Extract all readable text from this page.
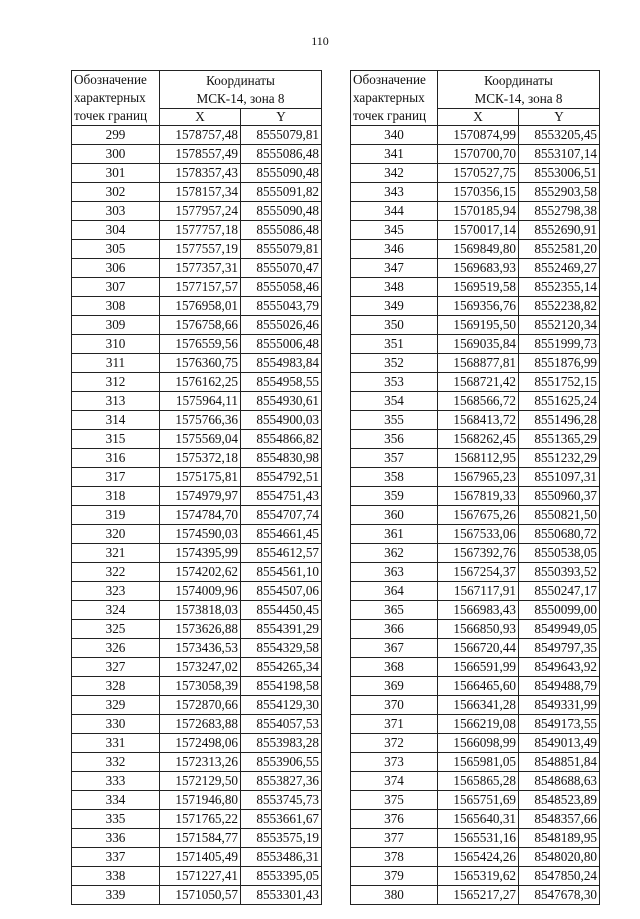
110
Обозначение
характерных
точек границ	Координаты
МСК-14, зона 8	

	X	Y
299	1578757,48	8555079,81
300	1578557,49	8555086,48
301	1578357,43	8555090,48
302	1578157,34	8555091,82
303	1577957,24	8555090,48
304	1577757,18	8555086,48
305	1577557,19	8555079,81
306	1577357,31	8555070,47
307	1577157,57	8555058,46
308	1576958,01	8555043,79
309	1576758,66	8555026,46
310	1576559,56	8555006,48
311	1576360,75	8554983,84
312	1576162,25	8554958,55
313	1575964,11	8554930,61
314	1575766,36	8554900,03
315	1575569,04	8554866,82
316	1575372,18	8554830,98
317	1575175,81	8554792,51
318	1574979,97	8554751,43
319	1574784,70	8554707,74
320	1574590,03	8554661,45
321	1574395,99	8554612,57
322	1574202,62	8554561,10
323	1574009,96	8554507,06
324	1573818,03	8554450,45
325	1573626,88	8554391,29
326	1573436,53	8554329,58
327	1573247,02	8554265,34
328	1573058,39	8554198,58
329	1572870,66	8554129,30
330	1572683,88	8554057,53
331	1572498,06	8553983,28
332	1572313,26	8553906,55
333	1572129,50	8553827,36
334	1571946,80	8553745,73
335	1571765,22	8553661,67
336	1571584,77	8553575,19
337	1571405,49	8553486,31
338	1571227,41	8553395,05
339	1571050,57	8553301,43
Обозначение
характерных
точек границ	Координаты
МСК-14, зона 8	

	X	Y
340	1570874,99	8553205,45
341	1570700,70	8553107,14
342	1570527,75	8553006,51
343	1570356,15	8552903,58
344	1570185,94	8552798,38
345	1570017,14	8552690,91
346	1569849,80	8552581,20
347	1569683,93	8552469,27
348	1569519,58	8552355,14
349	1569356,76	8552238,82
350	1569195,50	8552120,34
351	1569035,84	8551999,73
352	1568877,81	8551876,99
353	1568721,42	8551752,15
354	1568566,72	8551625,24
355	1568413,72	8551496,28
356	1568262,45	8551365,29
357	1568112,95	8551232,29
358	1567965,23	8551097,31
359	1567819,33	8550960,37
360	1567675,26	8550821,50
361	1567533,06	8550680,72
362	1567392,76	8550538,05
363	1567254,37	8550393,52
364	1567117,91	8550247,17
365	1566983,43	8550099,00
366	1566850,93	8549949,05
367	1566720,44	8549797,35
368	1566591,99	8549643,92
369	1566465,60	8549488,79
370	1566341,28	8549331,99
371	1566219,08	8549173,55
372	1566098,99	8549013,49
373	1565981,05	8548851,84
374	1565865,28	8548688,63
375	1565751,69	8548523,89
376	1565640,31	8548357,66
377	1565531,16	8548189,95
378	1565424,26	8548020,80
379	1565319,62	8547850,24
380	1565217,27	8547678,30
